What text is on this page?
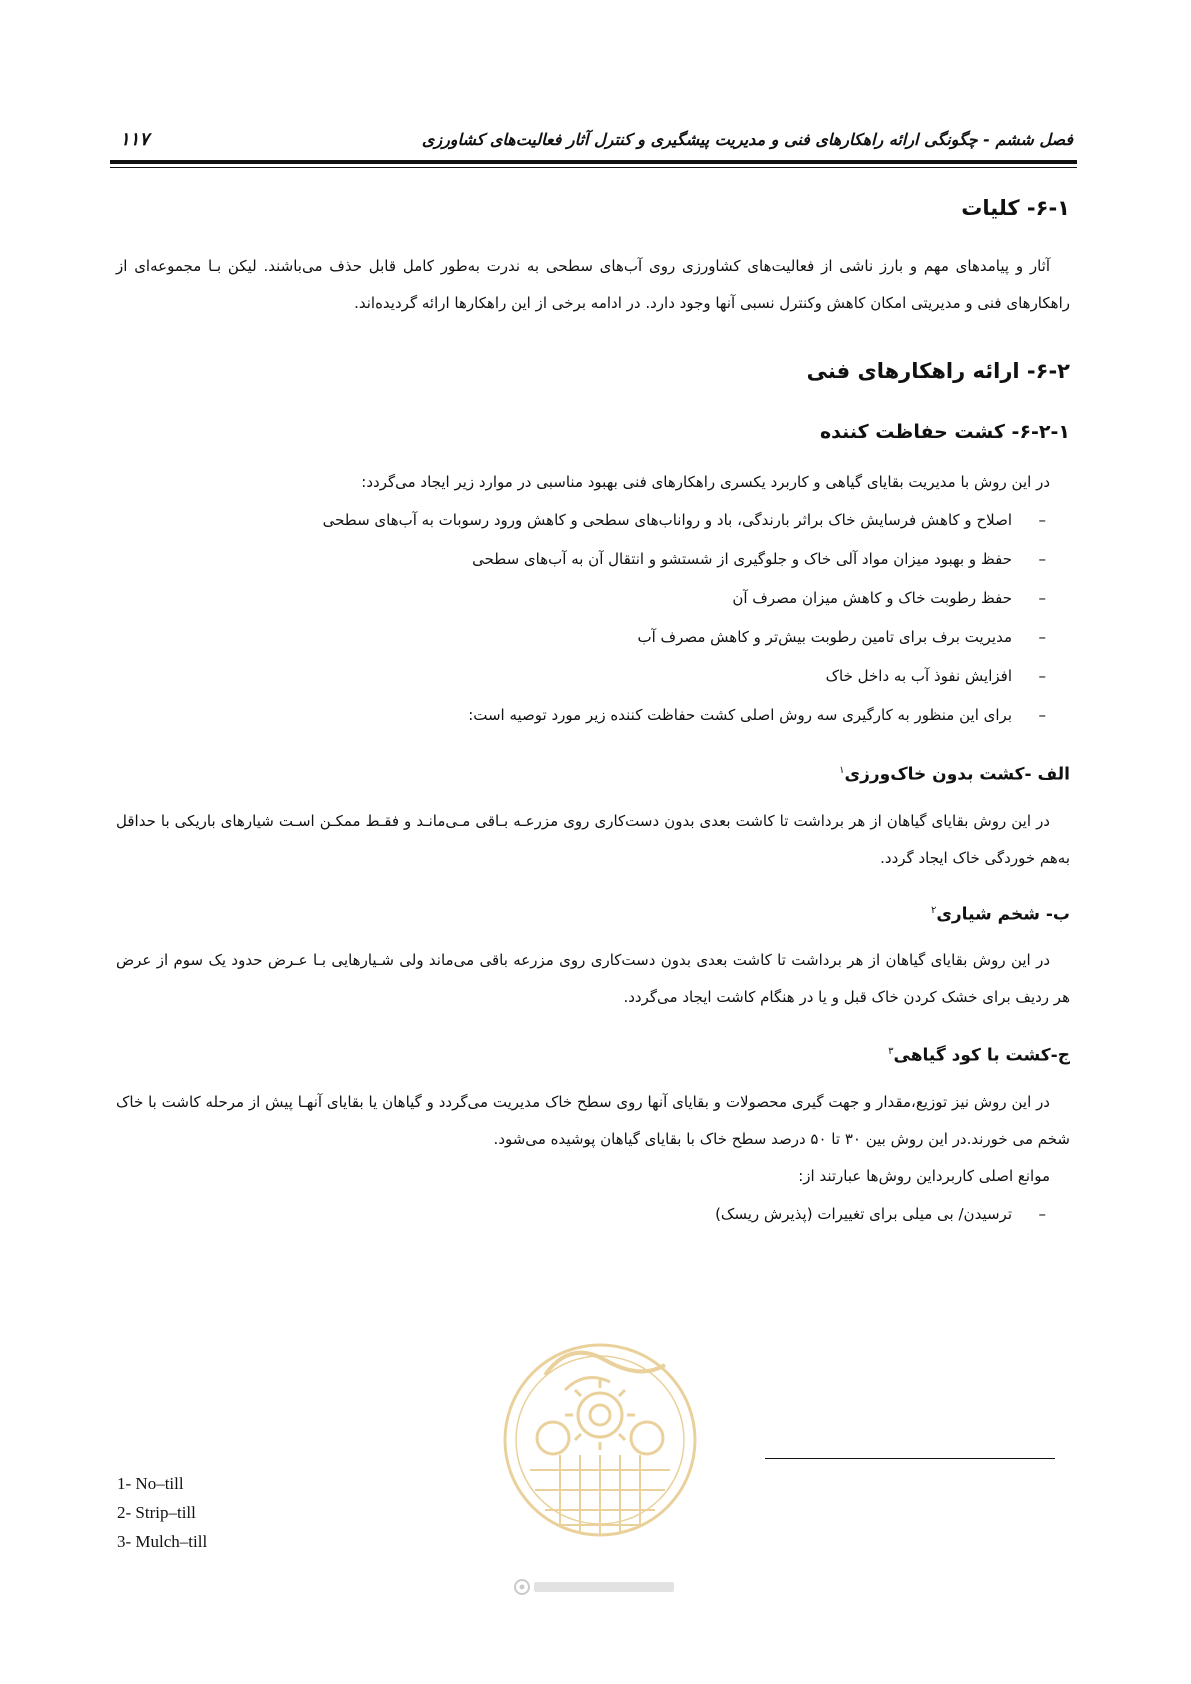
فصل ششم - چگونگی ارائه راهکارهای فنی و مدیریت پیشگیری و کنترل آثار فعالیت‌های کشاورزی
۱۱۷
۶-۱- کلیات

آثار و پیامدهای مهم و بارز ناشی از فعالیت‌های کشاورزی روی آب‌های سطحی به ندرت به‌طور کامل قابل حذف می‌باشند. لیکن بـا مجموعه‌ای از راهکارهای فنی و مدیریتی امکان کاهش وکنترل نسبی آنها وجود دارد. در ادامه برخی از این راهکارها ارائه گردیده‌اند.

۶-۲- ارائه راهکارهای فنی
۶-۲-۱- کشت حفاظت کننده

در این روش با مدیریت بقایای گیاهی و کاربرد یکسری راهکارهای فنی بهبود مناسبی در موارد زیر ایجاد می‌گردد:

– اصلاح و کاهش فرسایش خاک براثر بارندگی، باد و رواناب‌های سطحی و کاهش ورود رسوبات به آب‌های سطحی
– حفظ و بهبود میزان مواد آلی خاک و جلوگیری از شستشو و انتقال آن به آب‌های سطحی
– حفظ رطوبت خاک و کاهش میزان مصرف آن
– مدیریت برف برای تامین رطوبت بیش‌تر و کاهش مصرف آب
– افزایش نفوذ آب به داخل خاک
– برای این منظور به کارگیری سه روش اصلی کشت حفاظت کننده زیر مورد توصیه است:
الف -کشت بدون خاک‌ورزی$^۱$

در این روش بقایای گیاهان از هر برداشت تا کاشت بعدی بدون دست‌کاری روی مزرعـه بـاقی مـی‌مانـد و فقـط ممکـن اسـت شیارهای باریکی با حداقل به‌هم خوردگی خاک ایجاد گردد.

ب- شخم شیاری$^۲$

در این روش بقایای گیاهان از هر برداشت تا کاشت بعدی بدون دست‌کاری روی مزرعه باقی می‌ماند ولی شـیارهایی بـا عـرض حدود یک سوم از عرض هر ردیف برای خشک کردن خاک قبل و یا در هنگام کاشت ایجاد می‌گردد.

ج-کشت با کود گیاهی$^۳$

در این روش نیز توزیع،مقدار و جهت گیری محصولات و بقایای آنها روی سطح خاک مدیریت می‌گردد و گیاهان یا بقایای آنهـا پیش از مرحله کاشت با خاک شخم می خورند.در این روش بین ۳۰ تا ۵۰ درصد سطح خاک با بقایای گیاهان پوشیده می‌شود.

موانع اصلی کاربرداین روش‌ها عبارتند از:

– ترسیدن/ بی میلی برای تغییرات (پذیرش ریسک)
1- No–till
2- Strip–till
3- Mulch–till
